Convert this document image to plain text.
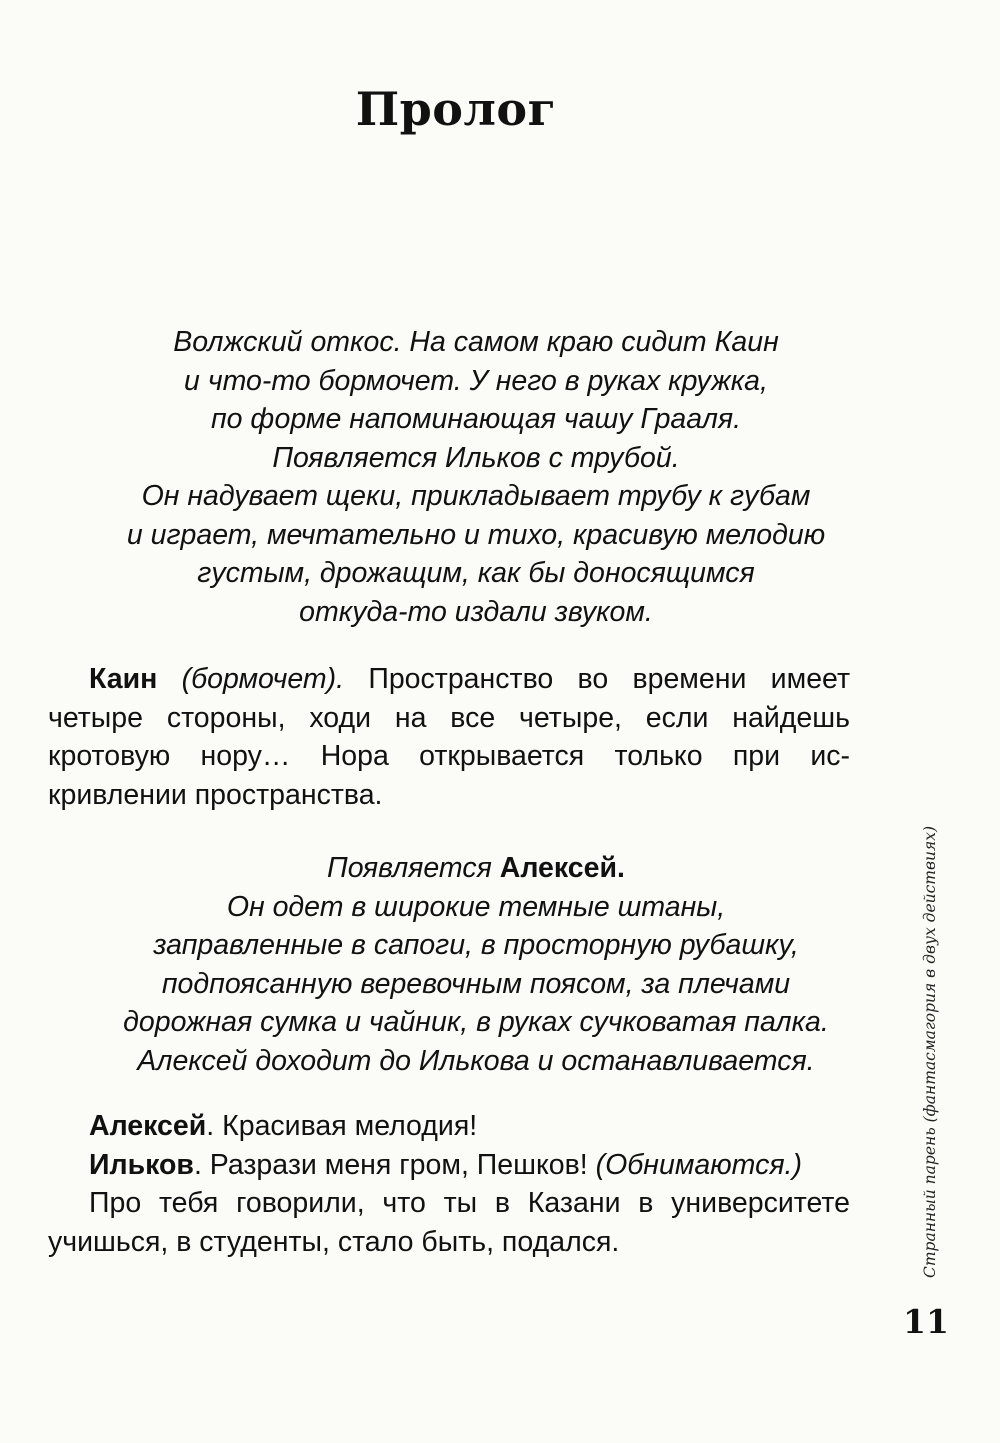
Пролог
Волжский откос. На самом краю сидит Каин
и что-то бормочет. У него в руках кружка,
по форме напоминающая чашу Грааля.
Появляется Ильков с трубой.
Он надувает щеки, прикладывает трубу к губам
и играет, мечтательно и тихо, красивую мелодию
густым, дрожащим, как бы доносящимся
откуда-то издали звуком.
Каин (бормочет). Пространство во времени имеет
четыре стороны, ходи на все четыре, если найдешь
кротовую нору… Нора открывается только при ис-
кривлении пространства.
Появляется Алексей.
Он одет в широкие темные штаны,
заправленные в сапоги, в просторную рубашку,
подпоясанную веревочным поясом, за плечами
дорожная сумка и чайник, в руках сучковатая палка.
Алексей доходит до Илькова и останавливается.
Алексей. Красивая мелодия!
Ильков. Разрази меня гром, Пешков! (Обнимаются.)
Про тебя говорили, что ты в Казани в университете
учишься, в студенты, стало быть, подался.	Странный парень (фантасмагория в двух действиях)
11
